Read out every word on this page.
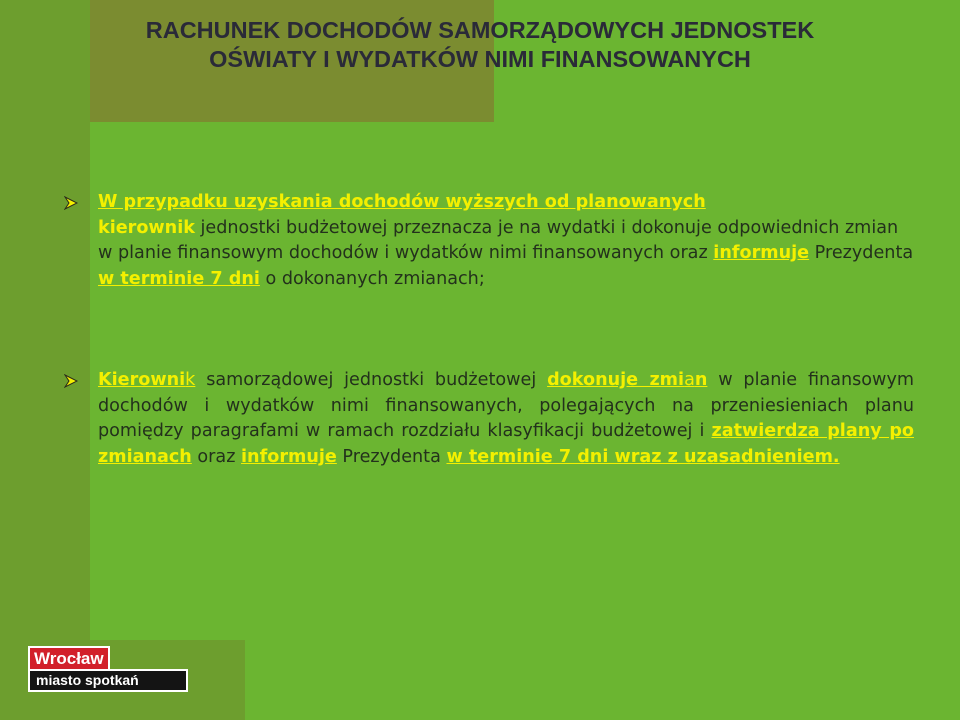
RACHUNEK DOCHODÓW SAMORZĄDOWYCH JEDNOSTEK
OŚWIATY I WYDATKÓW NIMI FINANSOWANYCH

W przypadku uzyskania dochodów wyższych od planowanych
kierownik jednostki budżetowej przeznacza je na wydatki i dokonuje odpowiednich zmian w planie finansowym dochodów i wydatków nimi finansowanych oraz informuje Prezydenta w terminie 7 dni o dokonanych zmianach;

Kierownik samorządowej jednostki budżetowej dokonuje zmian w planie finansowym dochodów i wydatków nimi finansowanych, polegających na przeniesieniach planu pomiędzy paragrafami w ramach rozdziału klasyfikacji budżetowej i zatwierdza plany po zmianach oraz informuje Prezydenta w terminie 7 dni wraz z uzasadnieniem.

Wrocław
miasto spotkań
